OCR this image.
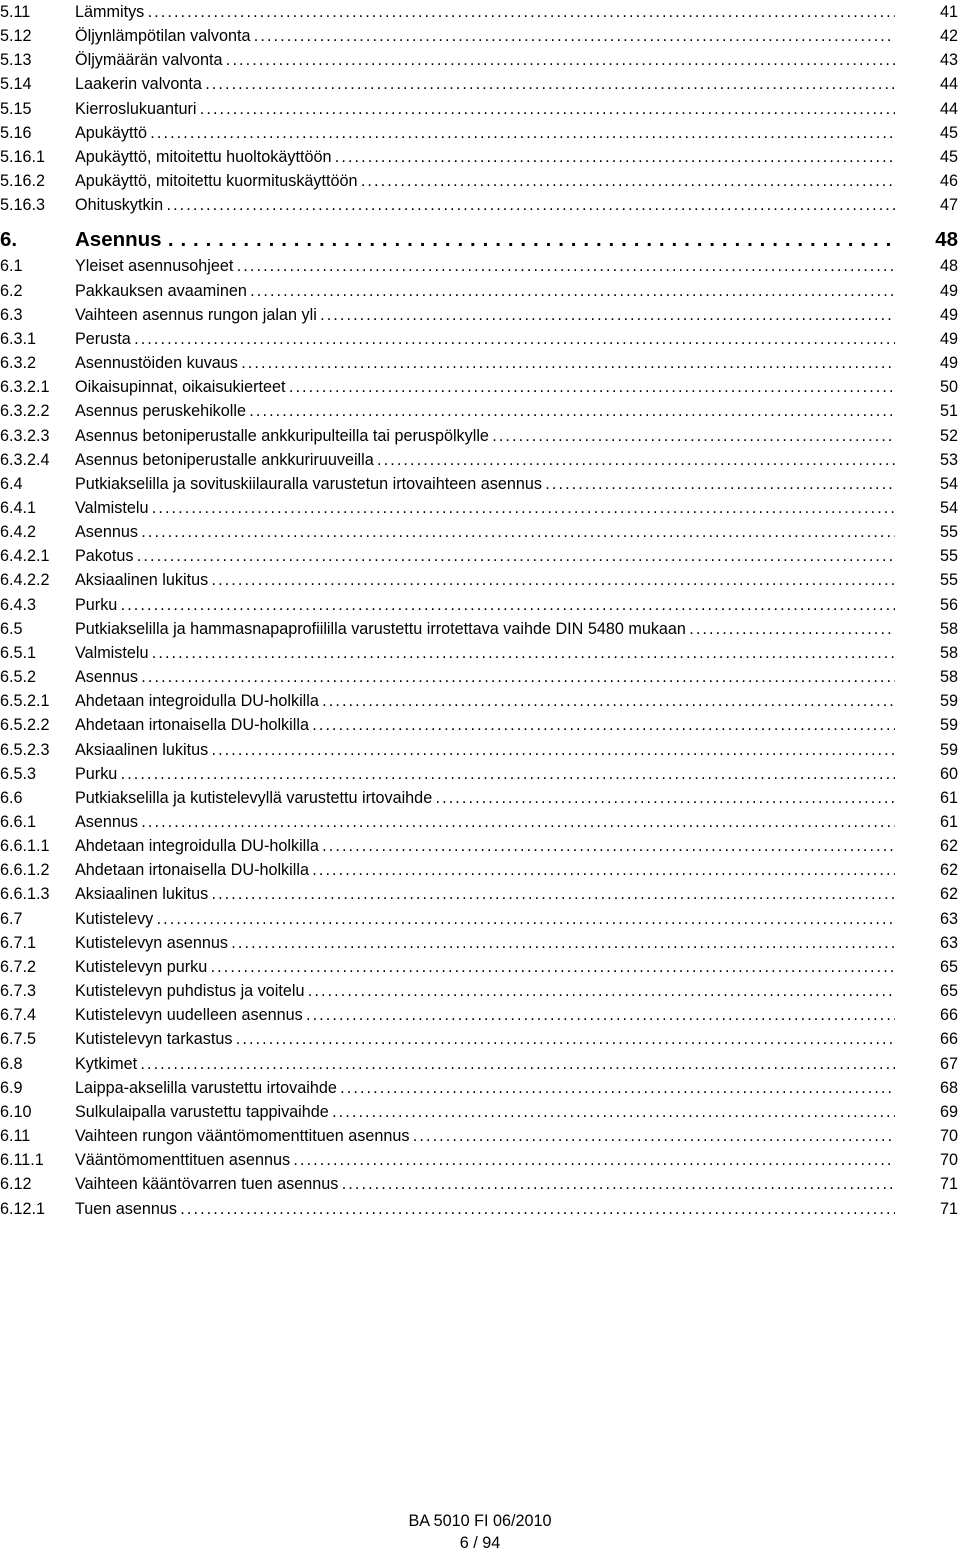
5.11	Lämmitys . . .	41
5.12	Öljynlämpötilan valvonta . . .	42
5.13	Öljymäärän valvonta . . .	43
5.14	Laakerin valvonta . . .	44
5.15	Kierroslukuanturi . . .	44
5.16	Apukäyttö . . .	45
5.16.1 Apukäyttö, mitoitettu huoltokäyttöön . . .	45
5.16.2 Apukäyttö, mitoitettu kuormituskäyttöön . . .	46
5.16.3 Ohituskytkin . . .	47
6.	Asennus . . .	48
6.1	Yleiset asennusohjeet . . .	48
6.2	Pakkauksen avaaminen . . .	49
6.3	Vaihteen asennus rungon jalan yli . . .	49
6.3.1 Perusta . . .	49
6.3.2 Asennustöiden kuvaus . . .	49
6.3.2.1 Oikaisupinnat, oikaisukierteet . . .	50
6.3.2.2 Asennus peruskehikolle . . .	51
6.3.2.3 Asennus betoniperustalle ankkuripulteilla tai peruspölkylle . . .	52
6.3.2.4 Asennus betoniperustalle ankkuriruuveilla . . .	53
6.4	Putkiakselilla ja sovituskiilauralla varustetun irtovaihteen asennus . . .	54
6.4.1 Valmistelu . . .	54
6.4.2 Asennus . . .	55
6.4.2.1 Pakotus . . .	55
6.4.2.2 Aksiaalinen lukitus . . .	55
6.4.3 Purku . . .	56
6.5	Putkiakselilla ja hammasnapaprofiililla varustettu irrotettava vaihde DIN 5480 mukaan . . .	58
6.5.1 Valmistelu . . .	58
6.5.2 Asennus . . .	58
6.5.2.1 Ahdetaan integroidulla DU-holkilla . . .	59
6.5.2.2 Ahdetaan irtonaisella DU-holkilla . . .	59
6.5.2.3 Aksiaalinen lukitus . . .	59
6.5.3 Purku . . .	60
6.6	Putkiakselilla ja kutistelevyllä varustettu irtovaihde . . .	61
6.6.1 Asennus . . .	61
6.6.1.1 Ahdetaan integroidulla DU-holkilla . . .	62
6.6.1.2 Ahdetaan irtonaisella DU-holkilla . . .	62
6.6.1.3 Aksiaalinen lukitus . . .	62
6.7	Kutistelevy . . .	63
6.7.1 Kutistelevyn asennus . . .	63
6.7.2 Kutistelevyn purku . . .	65
6.7.3 Kutistelevyn puhdistus ja voitelu . . .	65
6.7.4 Kutistelevyn uudelleen asennus . . .	66
6.7.5 Kutistelevyn tarkastus . . .	66
6.8	Kytkimet . . .	67
6.9	Laippa-akselilla varustettu irtovaihde . . .	68
6.10	Sulkulaipalla varustettu tappivaihde . . .	69
6.11	Vaihteen rungon vääntömomenttituen asennus . . .	70
6.11.1 Vääntömomenttituen asennus . . .	70
6.12	Vaihteen kääntövarren tuen asennus . . .	71
6.12.1 Tuen asennus . . .	71
BA 5010 FI 06/2010
6 / 94
